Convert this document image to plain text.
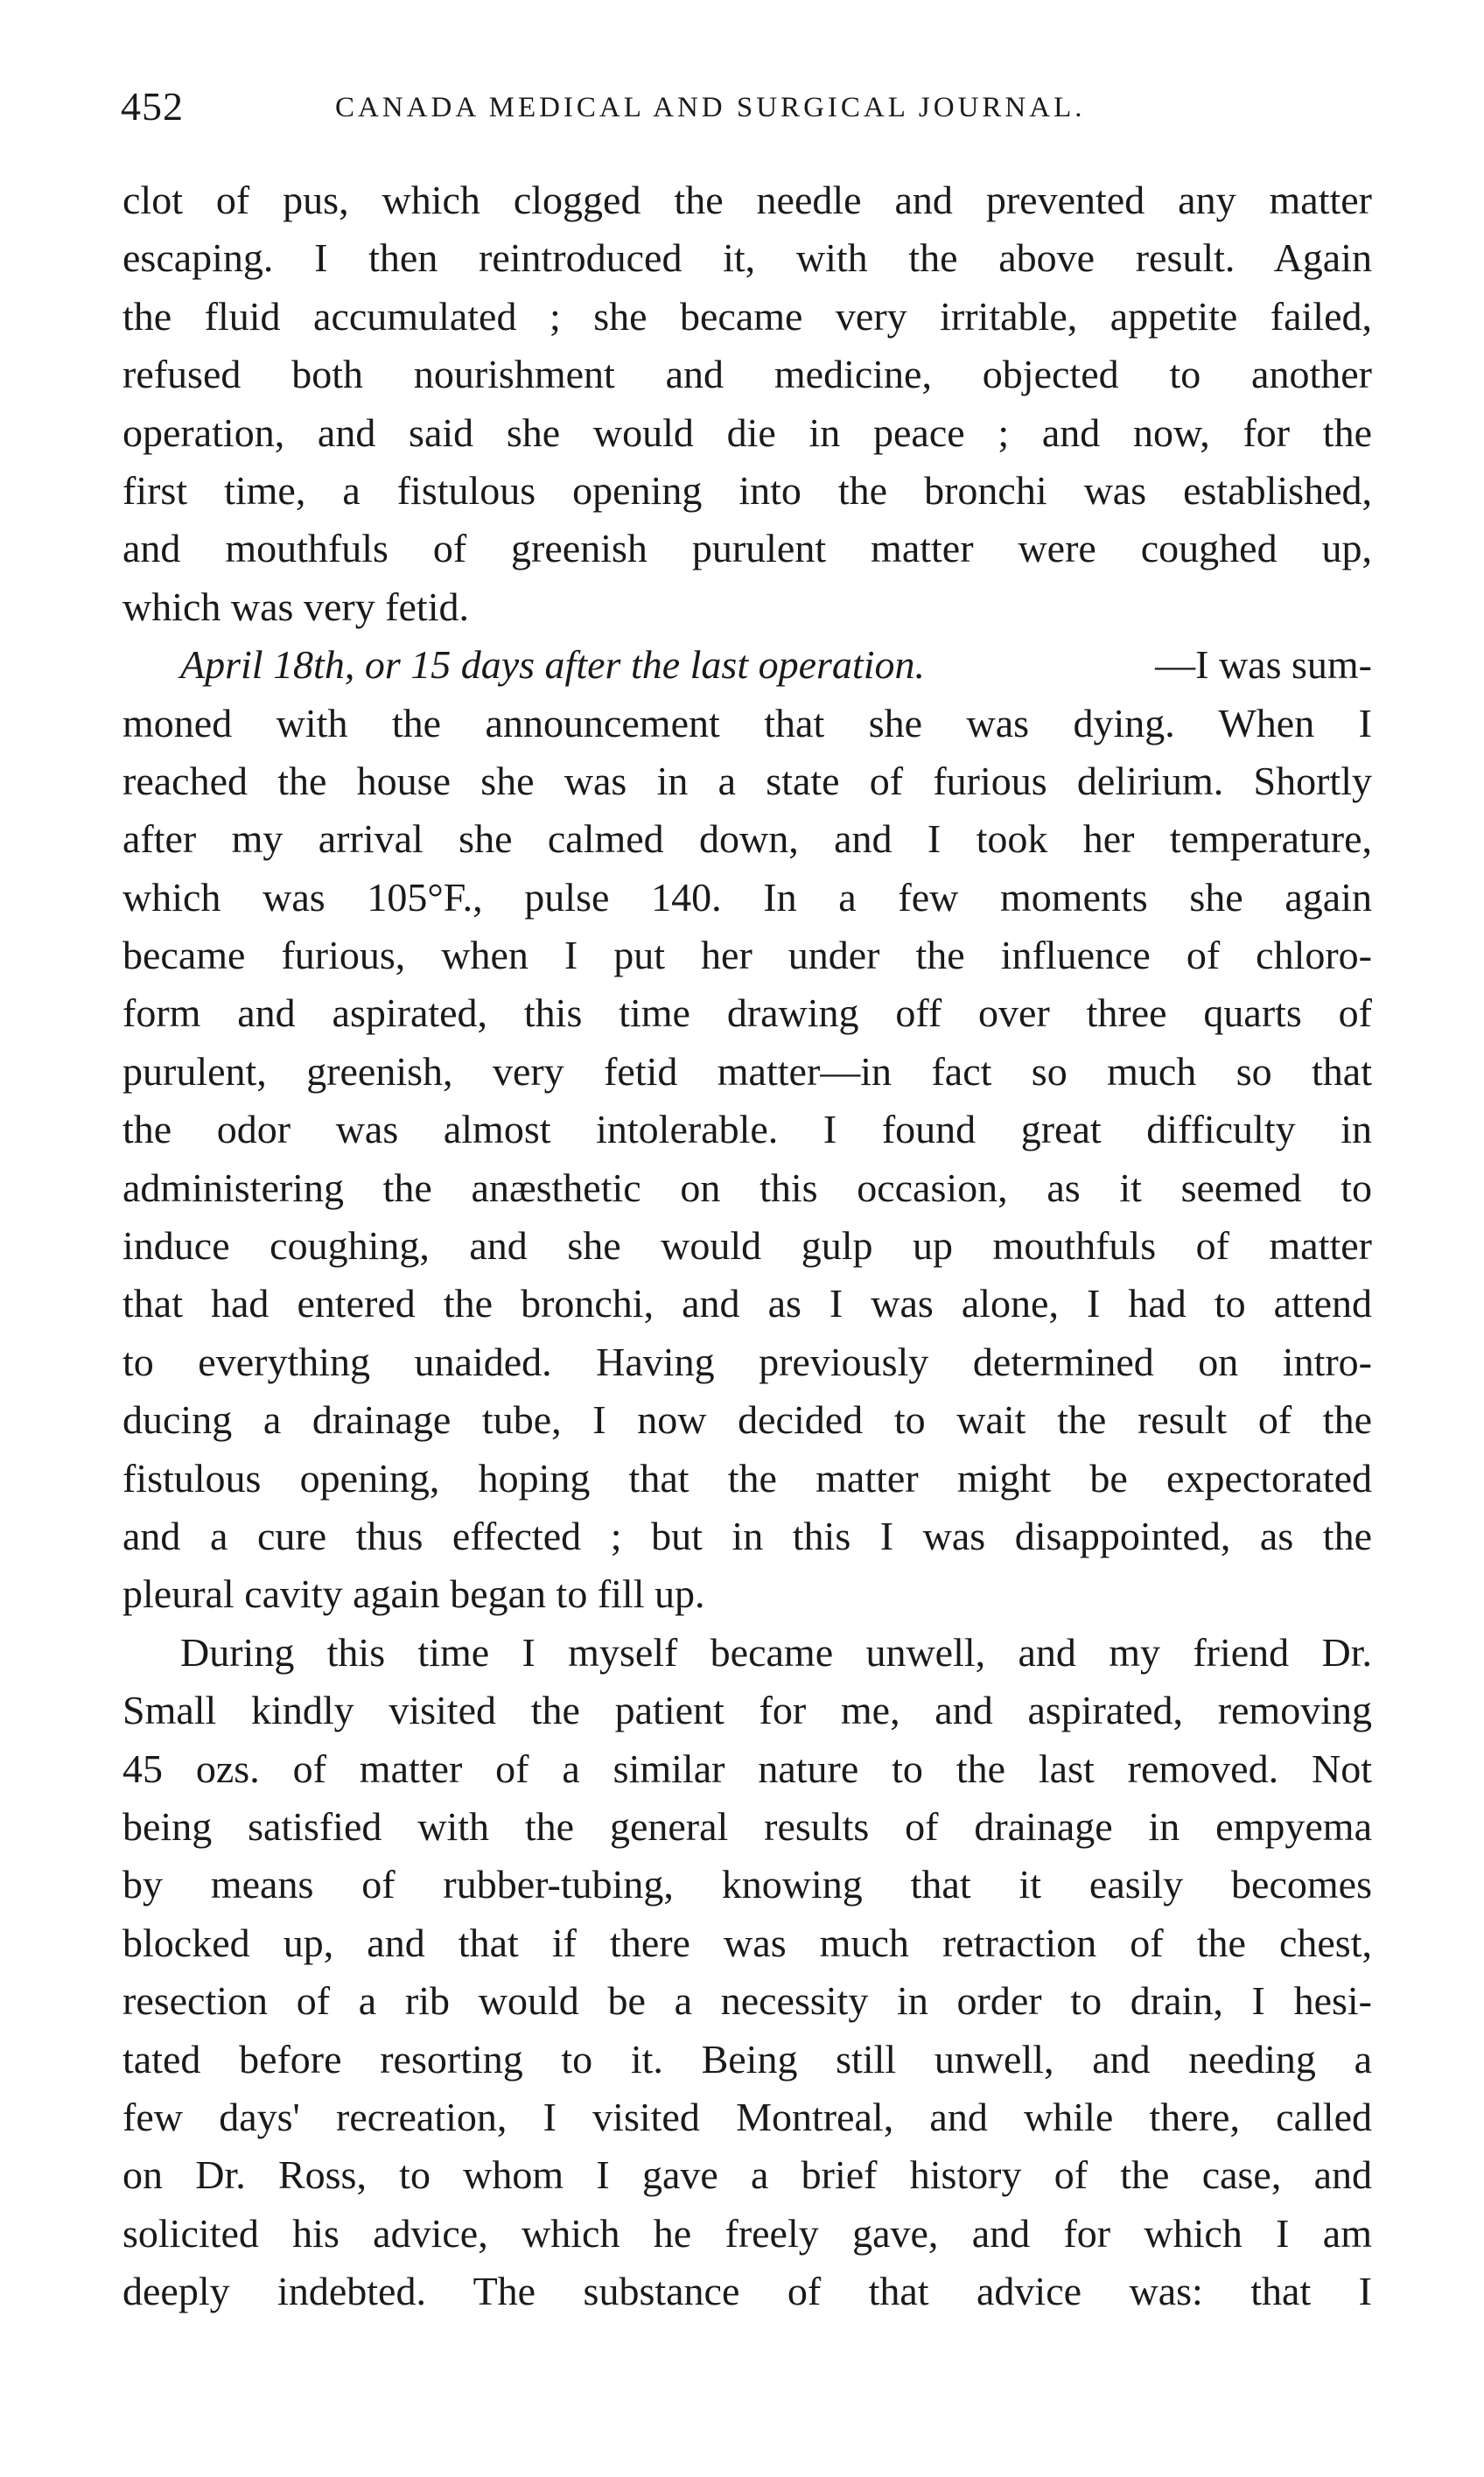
452	CANADA MEDICAL AND SURGICAL JOURNAL.
clot of pus, which clogged the needle and prevented any matter
escaping. I then reintroduced it, with the above result. Again
the fluid accumulated ; she became very irritable, appetite failed,
refused both nourishment and medicine, objected to another
operation, and said she would die in peace ; and now, for the
first time, a fistulous opening into the bronchi was established,
and mouthfuls of greenish purulent matter were coughed up,
which was very fetid.
April 18th, or 15 days after the last operation.	—I was sum-
moned with the announcement that she was dying. When I
reached the house she was in a state of furious delirium. Shortly
after my arrival she calmed down, and I took her temperature,
which was 105°F., pulse 140. In a few moments she again
became furious, when I put her under the influence of chloro-
form and aspirated, this time drawing off over three quarts of
purulent, greenish, very fetid matter—in fact so much so that
the odor was almost intolerable. I found great difficulty in
administering the anæsthetic on this occasion, as it seemed to
induce coughing, and she would gulp up mouthfuls of matter
that had entered the bronchi, and as I was alone, I had to attend
to everything unaided. Having previously determined on intro-
ducing a drainage tube, I now decided to wait the result of the
fistulous opening, hoping that the matter might be expectorated
and a cure thus effected ; but in this I was disappointed, as the
pleural cavity again began to fill up.
During this time I myself became unwell, and my friend Dr.
Small kindly visited the patient for me, and aspirated, removing
45 ozs. of matter of a similar nature to the last removed. Not
being satisfied with the general results of drainage in empyema
by means of rubber-tubing, knowing that it easily becomes
blocked up, and that if there was much retraction of the chest,
resection of a rib would be a necessity in order to drain, I hesi-
tated before resorting to it. Being still unwell, and needing a
few days' recreation, I visited Montreal, and while there, called
on Dr. Ross, to whom I gave a brief history of the case, and
solicited his advice, which he freely gave, and for which I am
deeply indebted. The substance of that advice was: that I
